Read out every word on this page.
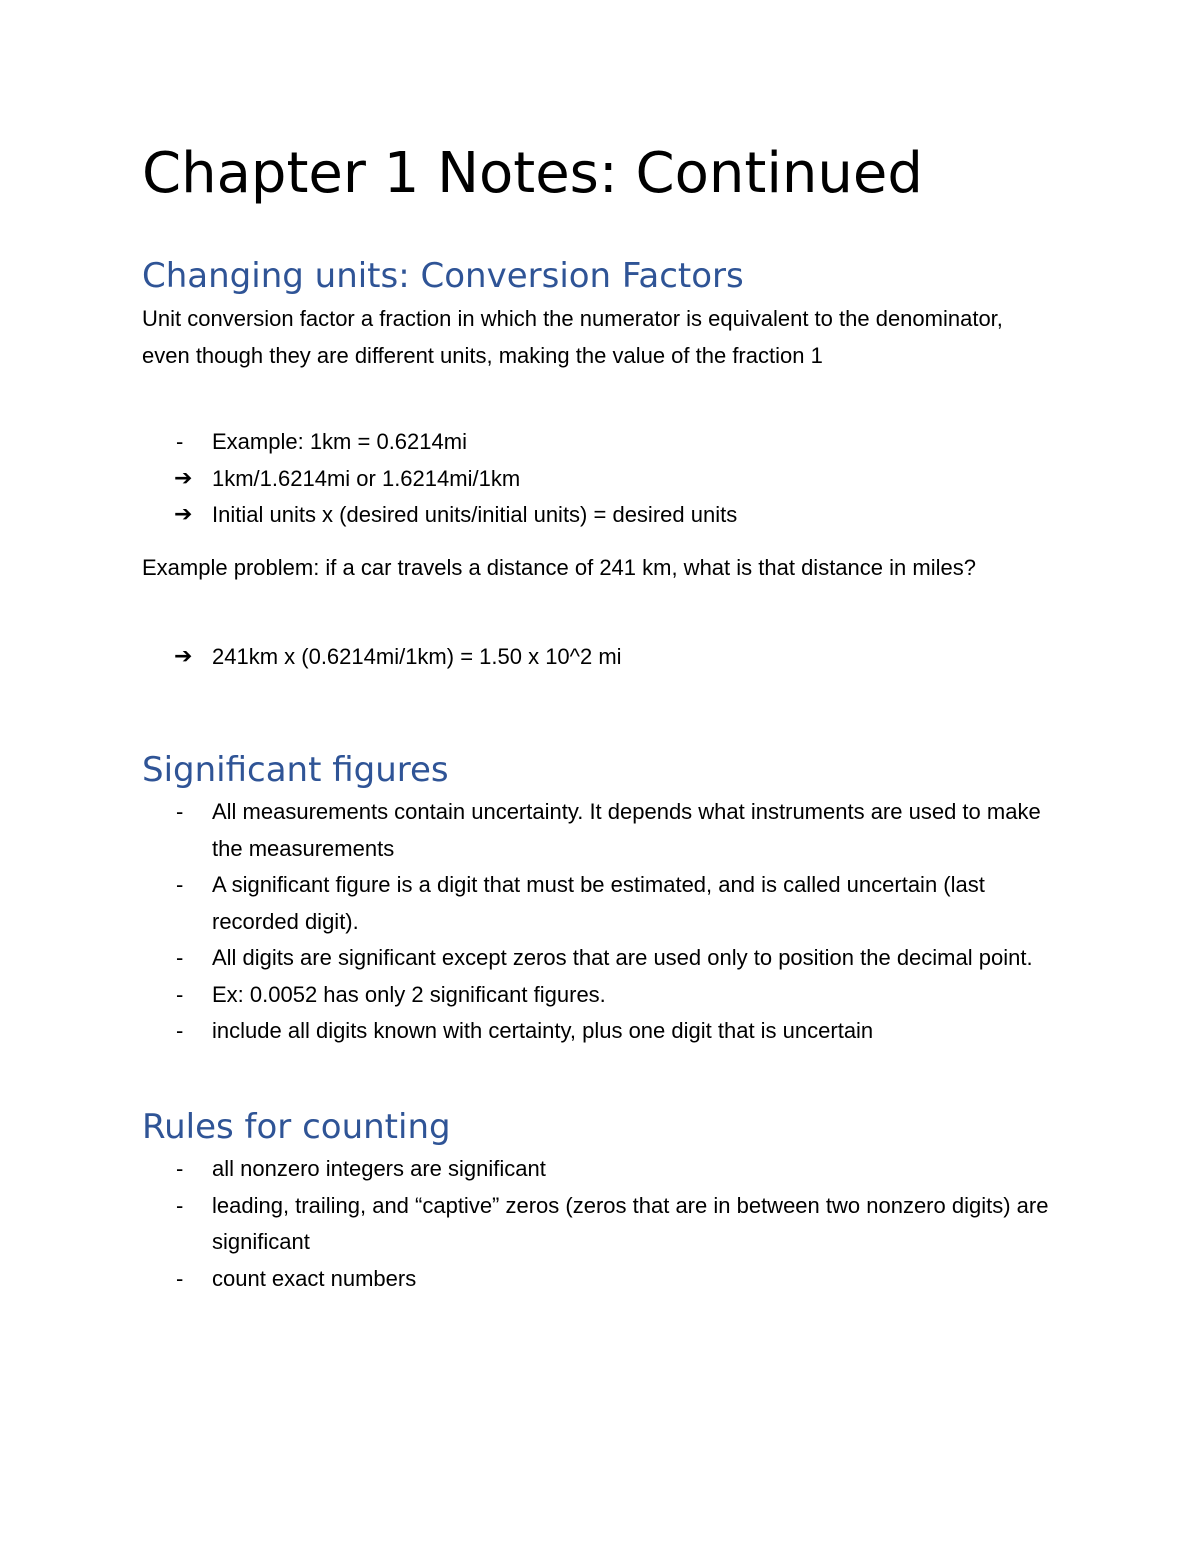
Chapter 1 Notes: Continued
Changing units: Conversion Factors

Unit conversion factor a fraction in which the numerator is equivalent to the denominator, even though they are different units, making the value of the fraction 1

-	Example: 1km = 0.6214mi
➔ 1km/1.6214mi or 1.6214mi/1km
➔ Initial units x (desired units/initial units) = desired units

Example problem: if a car travels a distance of 241 km, what is that distance in miles?

➔ 241km x (0.6214mi/1km) = 1.50 x 10^2 mi
Significant figures
-	All measurements contain uncertainty. It depends what instruments are used to make the measurements
-	A significant figure is a digit that must be estimated, and is called uncertain (last recorded digit).
-	All digits are significant except zeros that are used only to position the decimal point.
-	Ex: 0.0052 has only 2 significant figures.
-	include all digits known with certainty, plus one digit that is uncertain
Rules for counting
-	all nonzero integers are significant
-	leading, trailing, and “captive” zeros (zeros that are in between two nonzero digits) are significant
-	count exact numbers
